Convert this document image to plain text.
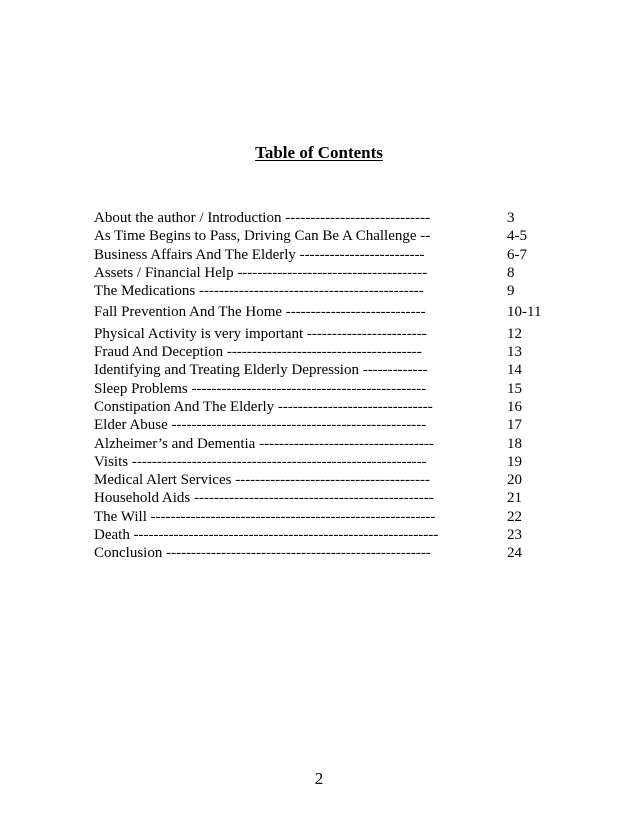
Table of Contents
About the author / Introduction -----------------------------	3
As Time Begins to Pass, Driving Can Be A Challenge --	4-5
Business Affairs And The Elderly -------------------------	6-7
Assets / Financial Help --------------------------------------	8
The Medications ---------------------------------------------	9
Fall Prevention And The Home ----------------------------	10-11
Physical Activity is very important ------------------------	12
Fraud And Deception ---------------------------------------	13
Identifying and Treating Elderly Depression -------------	14
Sleep Problems -----------------------------------------------	15
Constipation And The Elderly -------------------------------	16
Elder Abuse ---------------------------------------------------	17
Alzheimer’s and Dementia -----------------------------------	18
Visits -----------------------------------------------------------	19
Medical Alert Services ---------------------------------------	20
Household Aids ------------------------------------------------	21
The Will ---------------------------------------------------------	22
Death -------------------------------------------------------------	23
Conclusion -----------------------------------------------------	24

2
